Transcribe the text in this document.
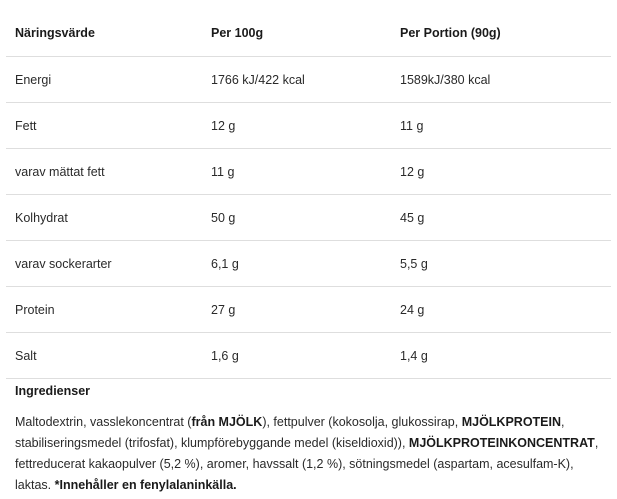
Näringsvärde	Per 100g	Per Portion (90g)
Energi	1766 kJ/422 kcal	1589kJ/380 kcal
Fett	12 g	11 g
varav mättat fett	11 g	12 g
Kolhydrat	50 g	45 g
varav sockerarter	6,1 g	5,5 g
Protein	27 g	24 g
Salt	1,6 g	1,4 g
Ingredienser

Maltodextrin, vasslekoncentrat (från MJÖLK), fettpulver (kokosolja, glukossirap, MJÖLKPROTEIN, stabiliseringsmedel (trifosfat), klumpförebyggande medel (kiseldioxid)), MJÖLKPROTEINKONCENTRAT, fettreducerat kakaopulver (5,2 %), aromer, havssalt (1,2 %), sötningsmedel (aspartam, acesulfam-K), laktas. *Innehåller en fenylalaninkälla.
